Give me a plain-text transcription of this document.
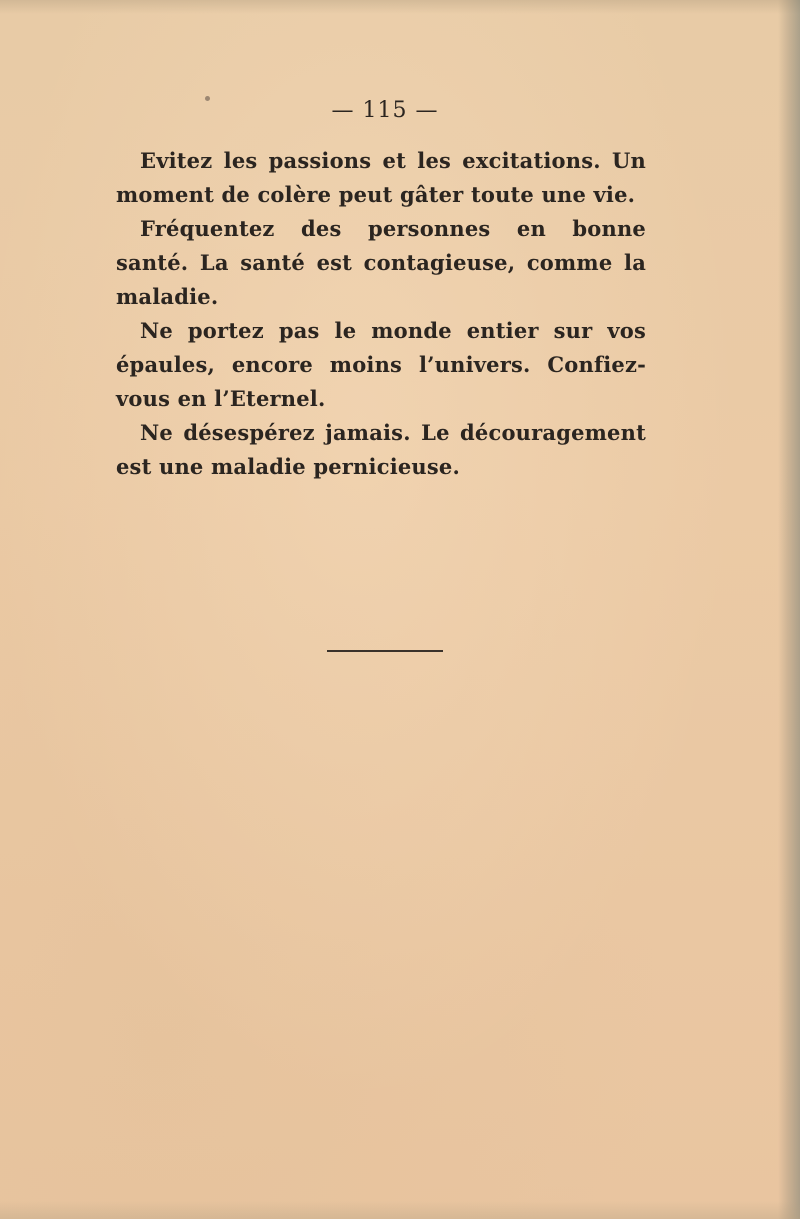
— 115 —

Evitez les passions et les excitations. Un moment de colère peut gâter toute une vie.

Fréquentez des personnes en bonne santé. La santé est contagieuse, comme la maladie.

Ne portez pas le monde entier sur vos épaules, encore moins l’univers. Confiez-vous en l’Eternel.

Ne désespérez jamais. Le découragement est une maladie pernicieuse.
